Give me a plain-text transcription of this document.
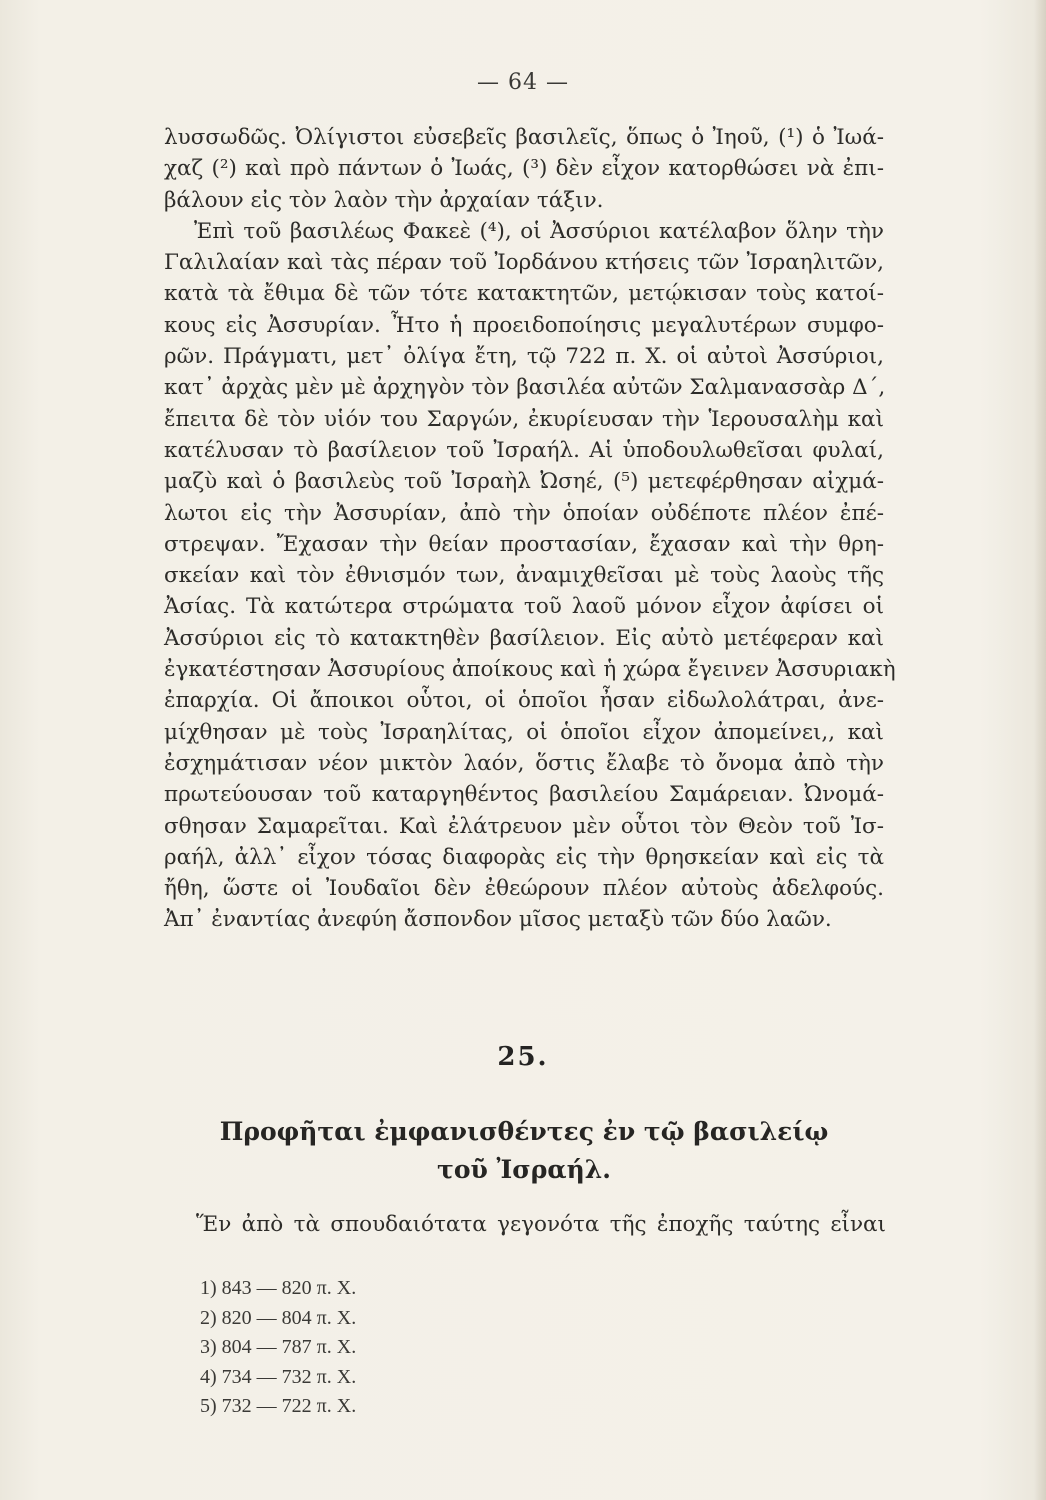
— 64 —
λυσσωδῶς. Ὀλίγιστοι εὐσεβεῖς βασιλεῖς, ὅπως ὁ Ἰηοῦ, (¹) ὁ Ἰωά-
χαζ (²) καὶ πρὸ πάντων ὁ Ἰωάς, (³) δὲν εἶχον κατορθώσει νὰ ἐπι-
βάλουν εἰς τὸν λαὸν τὴν ἀρχαίαν τάξιν.
Ἐπὶ τοῦ βασιλέως Φακεὲ (⁴), οἱ Ἀσσύριοι κατέλαβον ὅλην τὴν
Γαλιλαίαν καὶ τὰς πέραν τοῦ Ἰορδάνου κτήσεις τῶν Ἰσραηλιτῶν,
κατὰ τὰ ἔθιμα δὲ τῶν τότε κατακτητῶν, μετῴκισαν τοὺς κατοί-
κους εἰς Ἀσσυρίαν. Ἦτο ἡ προειδοποίησις μεγαλυτέρων συμφο-
ρῶν. Πράγματι, μετ᾽ ὀλίγα ἔτη, τῷ 722 π. Χ. οἱ αὐτοὶ Ἀσσύριοι,
κατ᾽ ἀρχὰς μὲν μὲ ἀρχηγὸν τὸν βασιλέα αὐτῶν Σαλμανασσὰρ Δ΄,
ἔπειτα δὲ τὸν υἱόν του Σαργών, ἐκυρίευσαν τὴν Ἱερουσαλὴμ καὶ
κατέλυσαν τὸ βασίλειον τοῦ Ἰσραήλ. Αἱ ὑποδουλωθεῖσαι φυλαί,
μαζὺ καὶ ὁ βασιλεὺς τοῦ Ἰσραὴλ Ὠσηέ, (⁵) μετεφέρθησαν αἰχμά-
λωτοι εἰς τὴν Ἀσσυρίαν, ἀπὸ τὴν ὁποίαν οὐδέποτε πλέον ἐπέ-
στρεψαν. Ἔχασαν τὴν θείαν προστασίαν, ἔχασαν καὶ τὴν θρη-
σκείαν καὶ τὸν ἐθνισμόν των, ἀναμιχθεῖσαι μὲ τοὺς λαοὺς τῆς
Ἀσίας. Τὰ κατώτερα στρώματα τοῦ λαοῦ μόνον εἶχον ἀφίσει οἱ
Ἀσσύριοι εἰς τὸ κατακτηθὲν βασίλειον. Εἰς αὐτὸ μετέφεραν καὶ
ἐγκατέστησαν Ἀσσυρίους ἀποίκους καὶ ἡ χώρα ἔγεινεν Ἀσσυριακὴ
ἐπαρχία. Οἱ ἄποικοι οὗτοι, οἱ ὁποῖοι ἦσαν εἰδωλολάτραι, ἀνε-
μίχθησαν μὲ τοὺς Ἰσραηλίτας, οἱ ὁποῖοι εἶχον ἀπομείνει,, καὶ
ἐσχημάτισαν νέον μικτὸν λαόν, ὅστις ἔλαβε τὸ ὄνομα ἀπὸ τὴν
πρωτεύουσαν τοῦ καταργηθέντος βασιλείου Σαμάρειαν. Ὠνομά-
σθησαν Σαμαρεῖται. Καὶ ἐλάτρευον μὲν οὗτοι τὸν Θεὸν τοῦ Ἰσ-
ραήλ, ἀλλ᾽ εἶχον τόσας διαφορὰς εἰς τὴν θρησκείαν καὶ εἰς τὰ
ἤθη, ὥστε οἱ Ἰουδαῖοι δὲν ἐθεώρουν πλέον αὐτοὺς ἀδελφούς.
Ἀπ᾽ ἐναντίας ἀνεφύη ἄσπονδον μῖσος μεταξὺ τῶν δύο λαῶν.
25.
Προφῆται ἐμφανισθέντες ἐν τῷ βασιλείῳ
τοῦ Ἰσραήλ.
Ἕν ἀπὸ τὰ σπουδαιότατα γεγονότα τῆς ἐποχῆς ταύτης εἶναι
1) 843 — 820 π. Χ.
2) 820 — 804 π. Χ.
3) 804 — 787 π. Χ.
4) 734 — 732 π. Χ.
5) 732 — 722 π. Χ.
